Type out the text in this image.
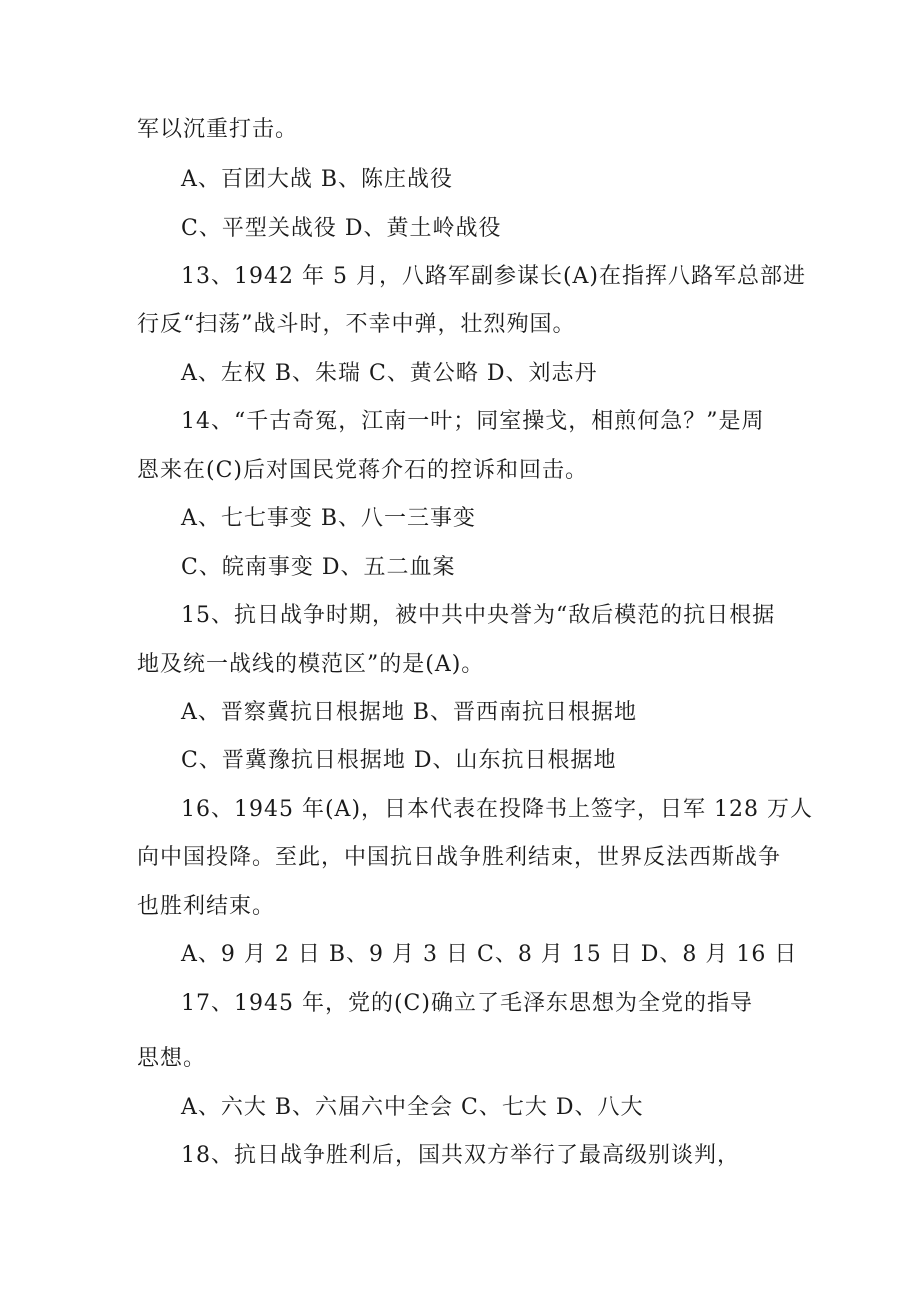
军以沉重打击。
A、百团大战 B、陈庄战役
C、平型关战役 D、黄土岭战役
13、1942 年 5 月，八路军副参谋长(A)在指挥八路军总部进
行反“扫荡”战斗时，不幸中弹，壮烈殉国。
A、左权 B、朱瑞 C、黄公略 D、刘志丹
14、“千古奇冤，江南一叶；同室操戈，相煎何急？”是周
恩来在(C)后对国民党蒋介石的控诉和回击。
A、七七事变 B、八一三事变
C、皖南事变 D、五二血案
15、抗日战争时期，被中共中央誉为“敌后模范的抗日根据
地及统一战线的模范区”的是(A)。
A、晋察冀抗日根据地 B、晋西南抗日根据地
C、晋冀豫抗日根据地 D、山东抗日根据地
16、1945 年(A)，日本代表在投降书上签字，日军 128 万人
向中国投降。至此，中国抗日战争胜利结束，世界反法西斯战争
也胜利结束。
A、9 月 2 日 B、9 月 3 日 C、8 月 15 日 D、8 月 16 日
17、1945 年，党的(C)确立了毛泽东思想为全党的指导
思想。
A、六大 B、六届六中全会 C、七大 D、八大
18、抗日战争胜利后，国共双方举行了最高级别谈判，
